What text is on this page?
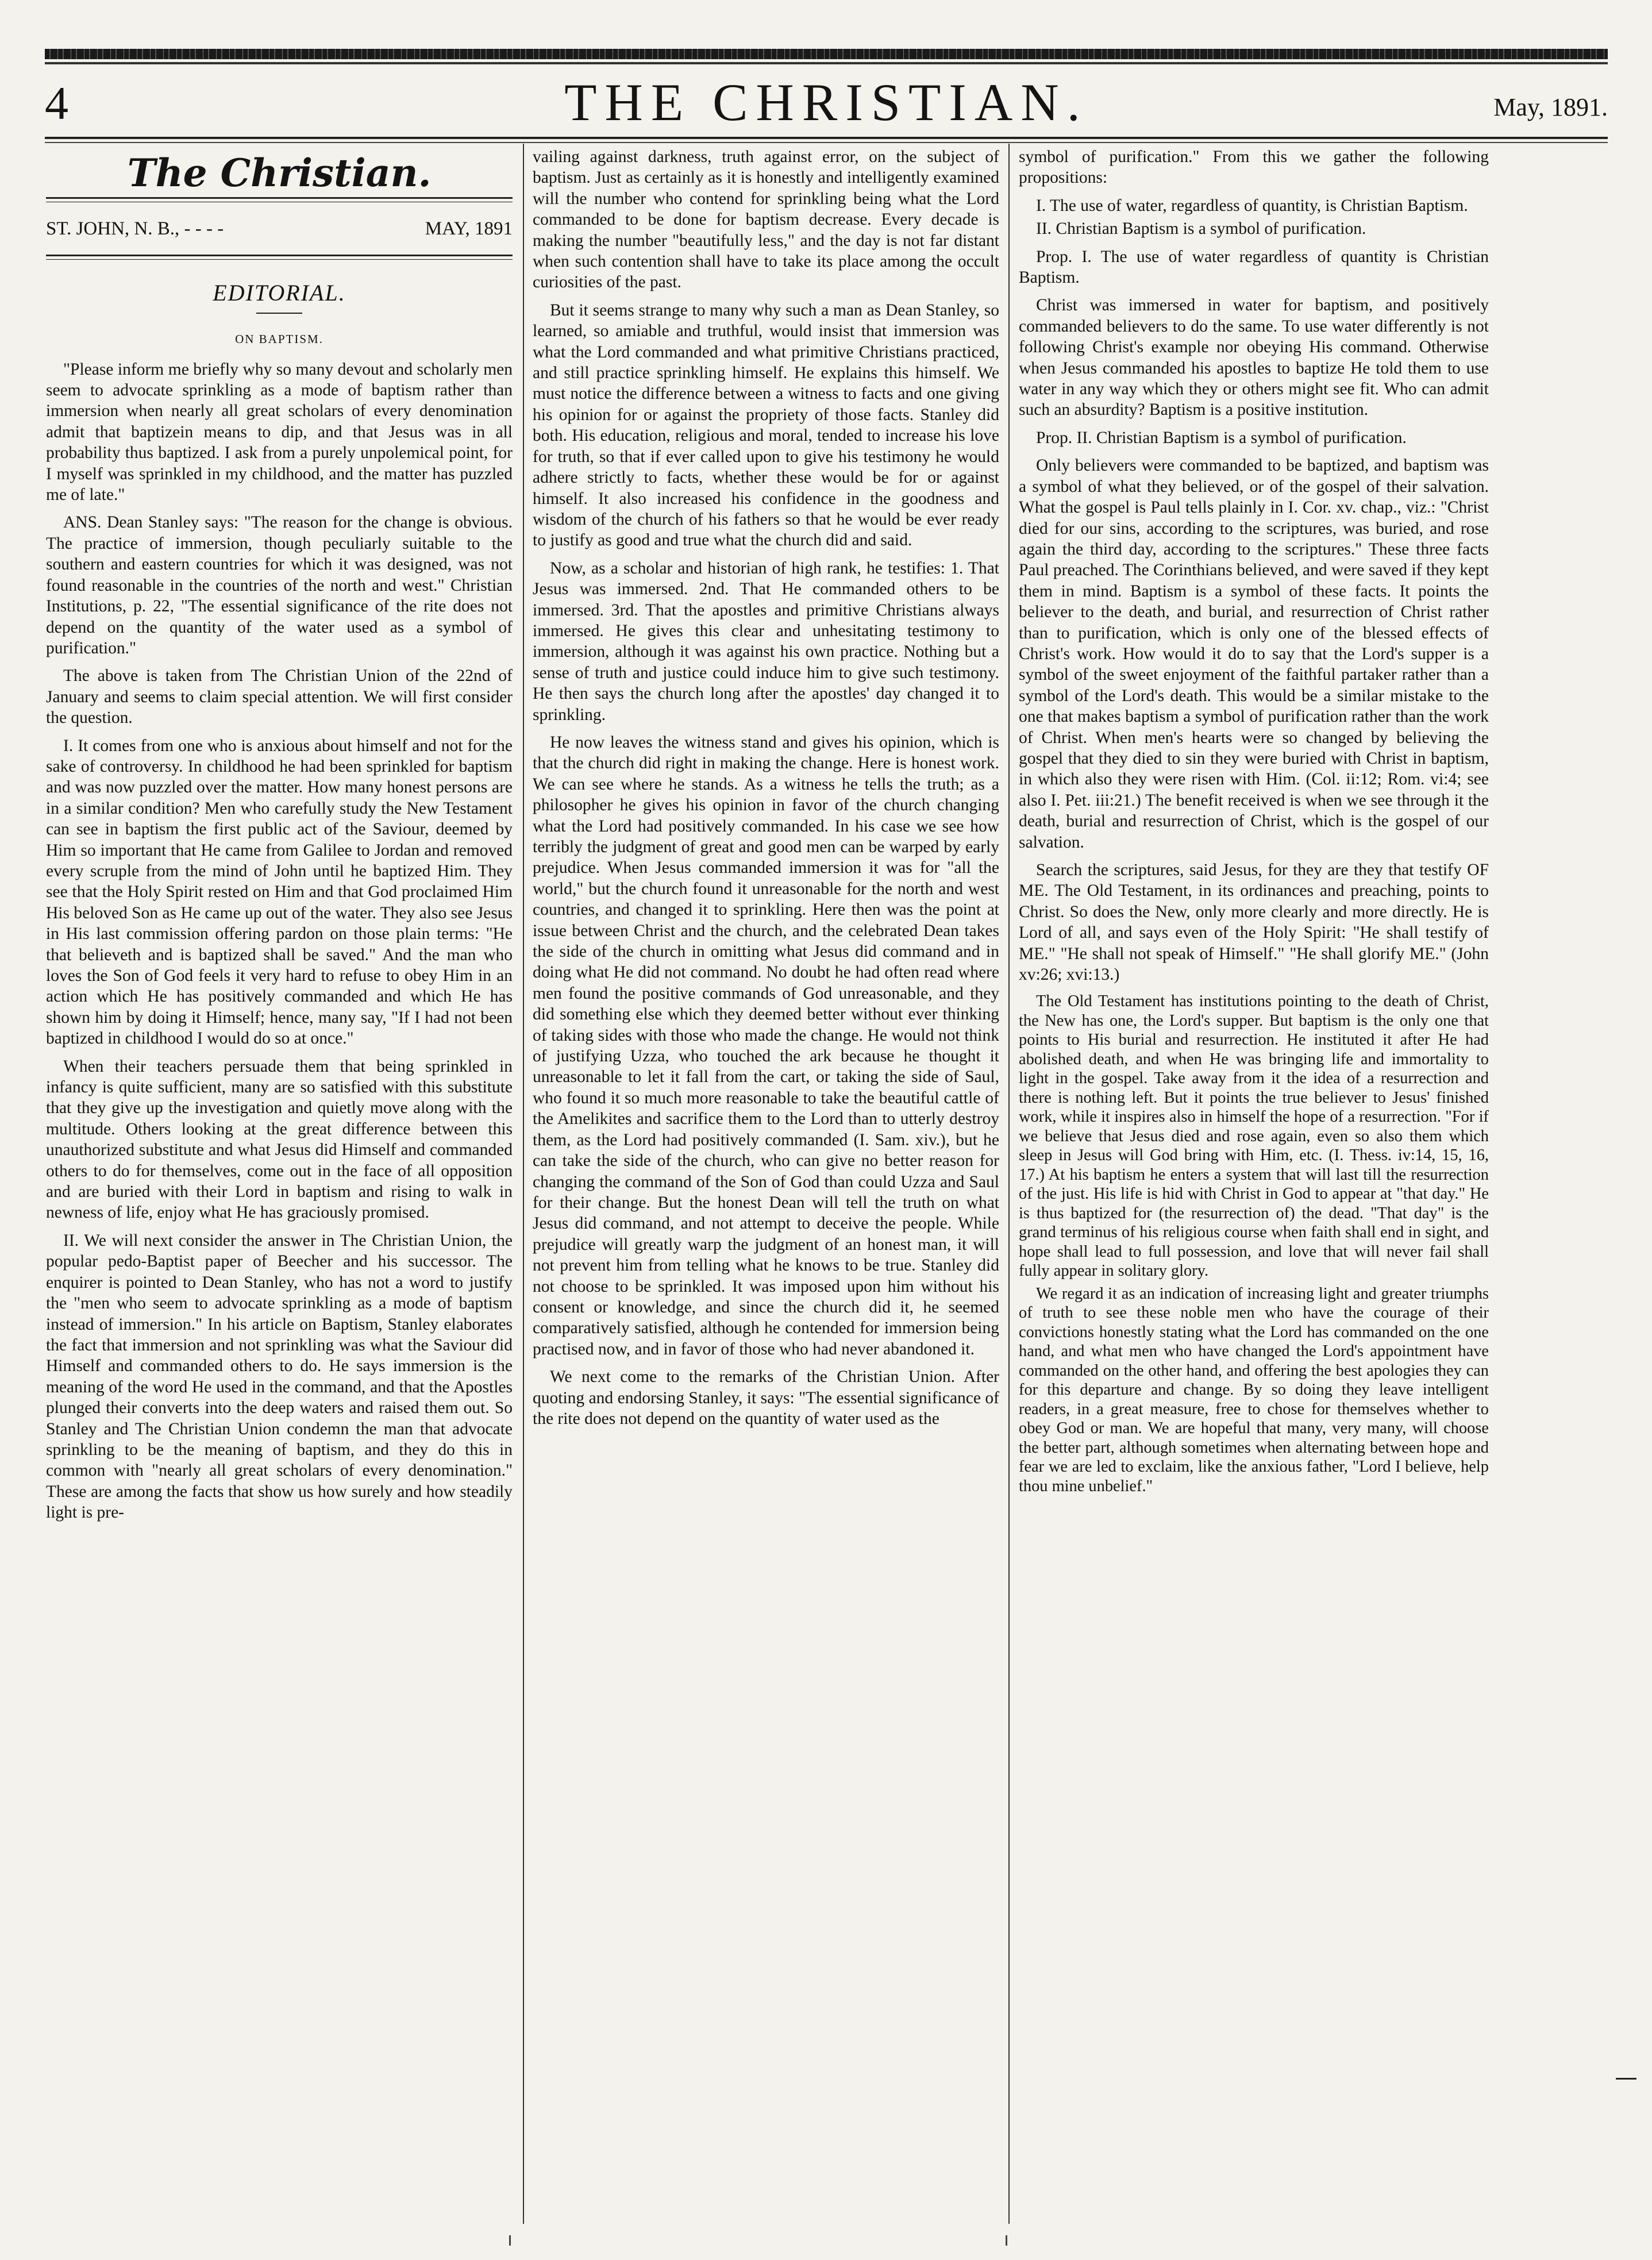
4	THE CHRISTIAN.	May, 1891.
The Christian.
ST. JOHN, N. B., - - - -	MAY, 1891
EDITORIAL.
ON BAPTISM.

"Please inform me briefly why so many devout and scholarly men seem to advocate sprinkling as a mode of baptism rather than immersion when nearly all great scholars of every denomination admit that baptizein means to dip, and that Jesus was in all probability thus baptized. I ask from a purely unpolemical point, for I myself was sprinkled in my childhood, and the matter has puzzled me of late."

ANS. Dean Stanley says: "The reason for the change is obvious. The practice of immersion, though peculiarly suitable to the southern and eastern countries for which it was designed, was not found reasonable in the countries of the north and west." Christian Institutions, p. 22, "The essential significance of the rite does not depend on the quantity of the water used as a symbol of purification."

The above is taken from The Christian Union of the 22nd of January and seems to claim special attention. We will first consider the question.

I. It comes from one who is anxious about himself and not for the sake of controversy. In childhood he had been sprinkled for baptism and was now puzzled over the matter. How many honest persons are in a similar condition? Men who carefully study the New Testament can see in baptism the first public act of the Saviour, deemed by Him so important that He came from Galilee to Jordan and removed every scruple from the mind of John until he baptized Him. They see that the Holy Spirit rested on Him and that God proclaimed Him His beloved Son as He came up out of the water. They also see Jesus in His last commission offering pardon on those plain terms: "He that believeth and is baptized shall be saved." And the man who loves the Son of God feels it very hard to refuse to obey Him in an action which He has positively commanded and which He has shown him by doing it Himself; hence, many say, "If I had not been baptized in childhood I would do so at once."

When their teachers persuade them that being sprinkled in infancy is quite sufficient, many are so satisfied with this substitute that they give up the investigation and quietly move along with the multitude. Others looking at the great difference between this unauthorized substitute and what Jesus did Himself and commanded others to do for themselves, come out in the face of all opposition and are buried with their Lord in baptism and rising to walk in newness of life, enjoy what He has graciously promised.

II. We will next consider the answer in The Christian Union, the popular pedo-Baptist paper of Beecher and his successor. The enquirer is pointed to Dean Stanley, who has not a word to justify the "men who seem to advocate sprinkling as a mode of baptism instead of immersion." In his article on Baptism, Stanley elaborates the fact that immersion and not sprinkling was what the Saviour did Himself and commanded others to do. He says immersion is the meaning of the word He used in the command, and that the Apostles plunged their converts into the deep waters and raised them out. So Stanley and The Christian Union condemn the man that advocate sprinkling to be the meaning of baptism, and they do this in common with "nearly all great scholars of every denomination." These are among the facts that show us how surely and how steadily light is pre-

vailing against darkness, truth against error, on the subject of baptism. Just as certainly as it is honestly and intelligently examined will the number who contend for sprinkling being what the Lord commanded to be done for baptism decrease. Every decade is making the number "beautifully less," and the day is not far distant when such contention shall have to take its place among the occult curiosities of the past.

But it seems strange to many why such a man as Dean Stanley, so learned, so amiable and truthful, would insist that immersion was what the Lord commanded and what primitive Christians practiced, and still practice sprinkling himself. He explains this himself. We must notice the difference between a witness to facts and one giving his opinion for or against the propriety of those facts. Stanley did both. His education, religious and moral, tended to increase his love for truth, so that if ever called upon to give his testimony he would adhere strictly to facts, whether these would be for or against himself. It also increased his confidence in the goodness and wisdom of the church of his fathers so that he would be ever ready to justify as good and true what the church did and said.

Now, as a scholar and historian of high rank, he testifies: 1. That Jesus was immersed. 2nd. That He commanded others to be immersed. 3rd. That the apostles and primitive Christians always immersed. He gives this clear and unhesitating testimony to immersion, although it was against his own practice. Nothing but a sense of truth and justice could induce him to give such testimony. He then says the church long after the apostles' day changed it to sprinkling.

He now leaves the witness stand and gives his opinion, which is that the church did right in making the change. Here is honest work. We can see where he stands. As a witness he tells the truth; as a philosopher he gives his opinion in favor of the church changing what the Lord had positively commanded. In his case we see how terribly the judgment of great and good men can be warped by early prejudice. When Jesus commanded immersion it was for "all the world," but the church found it unreasonable for the north and west countries, and changed it to sprinkling. Here then was the point at issue between Christ and the church, and the celebrated Dean takes the side of the church in omitting what Jesus did command and in doing what He did not command. No doubt he had often read where men found the positive commands of God unreasonable, and they did something else which they deemed better without ever thinking of taking sides with those who made the change. He would not think of justifying Uzza, who touched the ark because he thought it unreasonable to let it fall from the cart, or taking the side of Saul, who found it so much more reasonable to take the beautiful cattle of the Amelikites and sacrifice them to the Lord than to utterly destroy them, as the Lord had positively commanded (I. Sam. xiv.), but he can take the side of the church, who can give no better reason for changing the command of the Son of God than could Uzza and Saul for their change. But the honest Dean will tell the truth on what Jesus did command, and not attempt to deceive the people. While prejudice will greatly warp the judgment of an honest man, it will not prevent him from telling what he knows to be true. Stanley did not choose to be sprinkled. It was imposed upon him without his consent or knowledge, and since the church did it, he seemed comparatively satisfied, although he contended for immersion being practised now, and in favor of those who had never abandoned it.

We next come to the remarks of the Christian Union. After quoting and endorsing Stanley, it says: "The essential significance of the rite does not depend on the quantity of water used as the

symbol of purification." From this we gather the following propositions:

I. The use of water, regardless of quantity, is Christian Baptism.

II. Christian Baptism is a symbol of purification.

Prop. I. The use of water regardless of quantity is Christian Baptism.

Christ was immersed in water for baptism, and positively commanded believers to do the same. To use water differently is not following Christ's example nor obeying His command. Otherwise when Jesus commanded his apostles to baptize He told them to use water in any way which they or others might see fit. Who can admit such an absurdity? Baptism is a positive institution.

Prop. II. Christian Baptism is a symbol of purification.

Only believers were commanded to be baptized, and baptism was a symbol of what they believed, or of the gospel of their salvation. What the gospel is Paul tells plainly in I. Cor. xv. chap., viz.: "Christ died for our sins, according to the scriptures, was buried, and rose again the third day, according to the scriptures." These three facts Paul preached. The Corinthians believed, and were saved if they kept them in mind. Baptism is a symbol of these facts. It points the believer to the death, and burial, and resurrection of Christ rather than to purification, which is only one of the blessed effects of Christ's work. How would it do to say that the Lord's supper is a symbol of the sweet enjoyment of the faithful partaker rather than a symbol of the Lord's death. This would be a similar mistake to the one that makes baptism a symbol of purification rather than the work of Christ. When men's hearts were so changed by believing the gospel that they died to sin they were buried with Christ in baptism, in which also they were risen with Him. (Col. ii:12; Rom. vi:4; see also I. Pet. iii:21.) The benefit received is when we see through it the death, burial and resurrection of Christ, which is the gospel of our salvation.

Search the scriptures, said Jesus, for they are they that testify OF ME. The Old Testament, in its ordinances and preaching, points to Christ. So does the New, only more clearly and more directly. He is Lord of all, and says even of the Holy Spirit: "He shall testify of ME." "He shall not speak of Himself." "He shall glorify ME." (John xv:26; xvi:13.)

The Old Testament has institutions pointing to the death of Christ, the New has one, the Lord's supper. But baptism is the only one that points to His burial and resurrection. He instituted it after He had abolished death, and when He was bringing life and immortality to light in the gospel. Take away from it the idea of a resurrection and there is nothing left. But it points the true believer to Jesus' finished work, while it inspires also in himself the hope of a resurrection. "For if we believe that Jesus died and rose again, even so also them which sleep in Jesus will God bring with Him, etc. (I. Thess. iv:14, 15, 16, 17.) At his baptism he enters a system that will last till the resurrection of the just. His life is hid with Christ in God to appear at "that day." He is thus baptized for (the resurrection of) the dead. "That day" is the grand terminus of his religious course when faith shall end in sight, and hope shall lead to full possession, and love that will never fail shall fully appear in solitary glory.

We regard it as an indication of increasing light and greater triumphs of truth to see these noble men who have the courage of their convictions honestly stating what the Lord has commanded on the one hand, and what men who have changed the Lord's appointment have commanded on the other hand, and offering the best apologies they can for this departure and change. By so doing they leave intelligent readers, in a great measure, free to chose for themselves whether to obey God or man. We are hopeful that many, very many, will choose the better part, although sometimes when alternating between hope and fear we are led to exclaim, like the anxious father, "Lord I believe, help thou mine unbelief."
